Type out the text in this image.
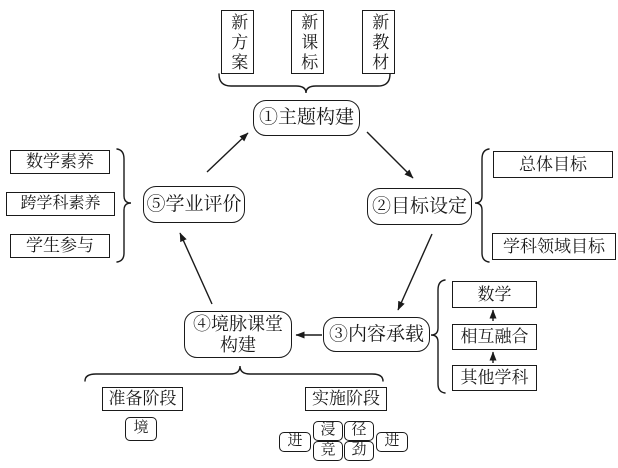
新方案	新课标	新教材
①主题构建
②目标设定
③内容承载
④境脉课堂
构建
⑤学业评价
总体目标
学科领域目标
数学
相互融合
其他学科
数学素养
跨学科素养
学生参与
准备阶段	实施阶段
境
进
浸	径
竞	劲
进
